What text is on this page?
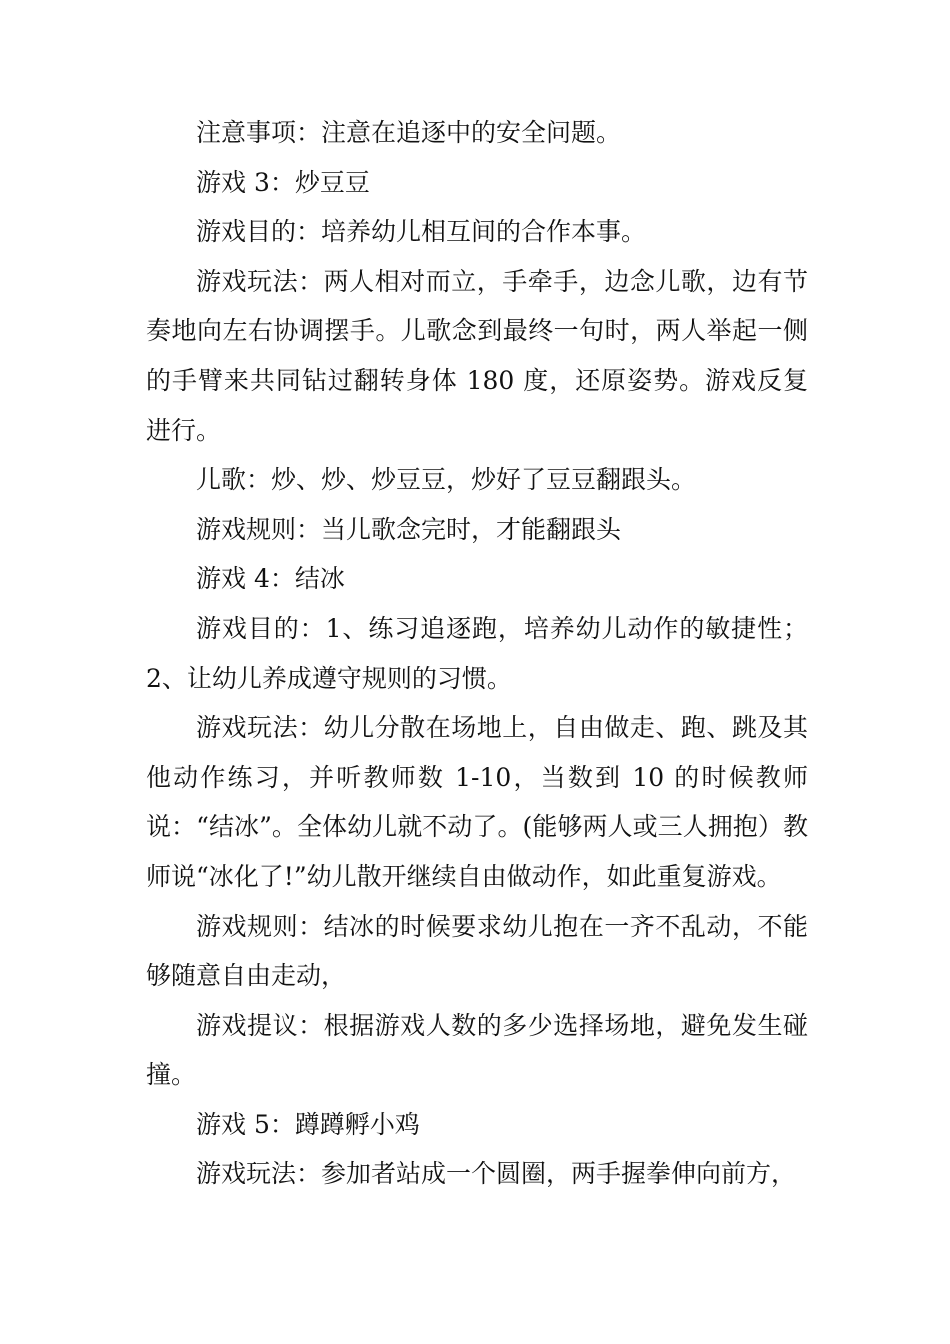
注意事项：注意在追逐中的安全问题。

游戏 3：炒豆豆

游戏目的：培养幼儿相互间的合作本事。

游戏玩法：两人相对而立，手牵手，边念儿歌，边有节奏地向左右协调摆手。儿歌念到最终一句时，两人举起一侧的手臂来共同钻过翻转身体 180 度，还原姿势。游戏反复进行。

儿歌：炒、炒、炒豆豆，炒好了豆豆翻跟头。

游戏规则：当儿歌念完时，才能翻跟头

游戏 4：结冰

游戏目的：1、练习追逐跑，培养幼儿动作的敏捷性；2、让幼儿养成遵守规则的习惯。

游戏玩法：幼儿分散在场地上，自由做走、跑、跳及其他动作练习，并听教师数 1-10，当数到 10 的时候教师说：“结冰”。全体幼儿就不动了。(能够两人或三人拥抱）教师说“冰化了!”幼儿散开继续自由做动作，如此重复游戏。

游戏规则：结冰的时候要求幼儿抱在一齐不乱动，不能够随意自由走动，

游戏提议：根据游戏人数的多少选择场地，避免发生碰撞。

游戏 5：蹲蹲孵小鸡

游戏玩法：参加者站成一个圆圈，两手握拳伸向前方，
